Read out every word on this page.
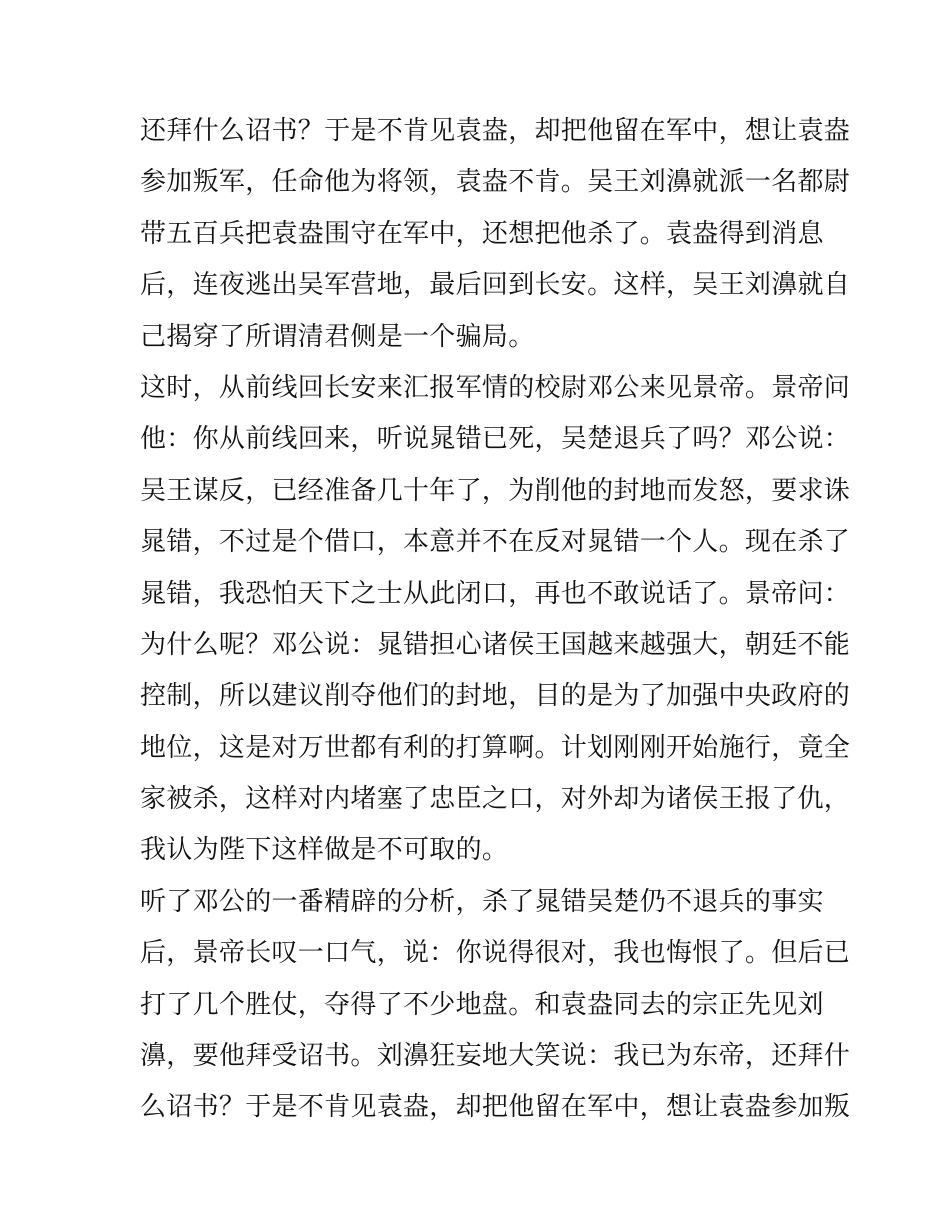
还拜什么诏书？于是不肯见袁盎，却把他留在军中，想让袁盎
参加叛军，任命他为将领，袁盎不肯。吴王刘濞就派一名都尉
带五百兵把袁盎围守在军中，还想把他杀了。袁盎得到消息
后，连夜逃出吴军营地，最后回到长安。这样，吴王刘濞就自
己揭穿了所谓清君侧是一个骗局。
这时，从前线回长安来汇报军情的校尉邓公来见景帝。景帝问
他：你从前线回来，听说晁错已死，吴楚退兵了吗？邓公说：
吴王谋反，已经准备几十年了，为削他的封地而发怒，要求诛
晁错，不过是个借口，本意并不在反对晁错一个人。现在杀了
晁错，我恐怕天下之士从此闭口，再也不敢说话了。景帝问：
为什么呢？邓公说：晁错担心诸侯王国越来越强大，朝廷不能
控制，所以建议削夺他们的封地，目的是为了加强中央政府的
地位，这是对万世都有利的打算啊。计划刚刚开始施行，竟全
家被杀，这样对内堵塞了忠臣之口，对外却为诸侯王报了仇，
我认为陛下这样做是不可取的。
听了邓公的一番精辟的分析，杀了晁错吴楚仍不退兵的事实
后，景帝长叹一口气，说：你说得很对，我也悔恨了。但后已
打了几个胜仗，夺得了不少地盘。和袁盎同去的宗正先见刘
濞，要他拜受诏书。刘濞狂妄地大笑说：我已为东帝，还拜什
么诏书？于是不肯见袁盎，却把他留在军中，想让袁盎参加叛
